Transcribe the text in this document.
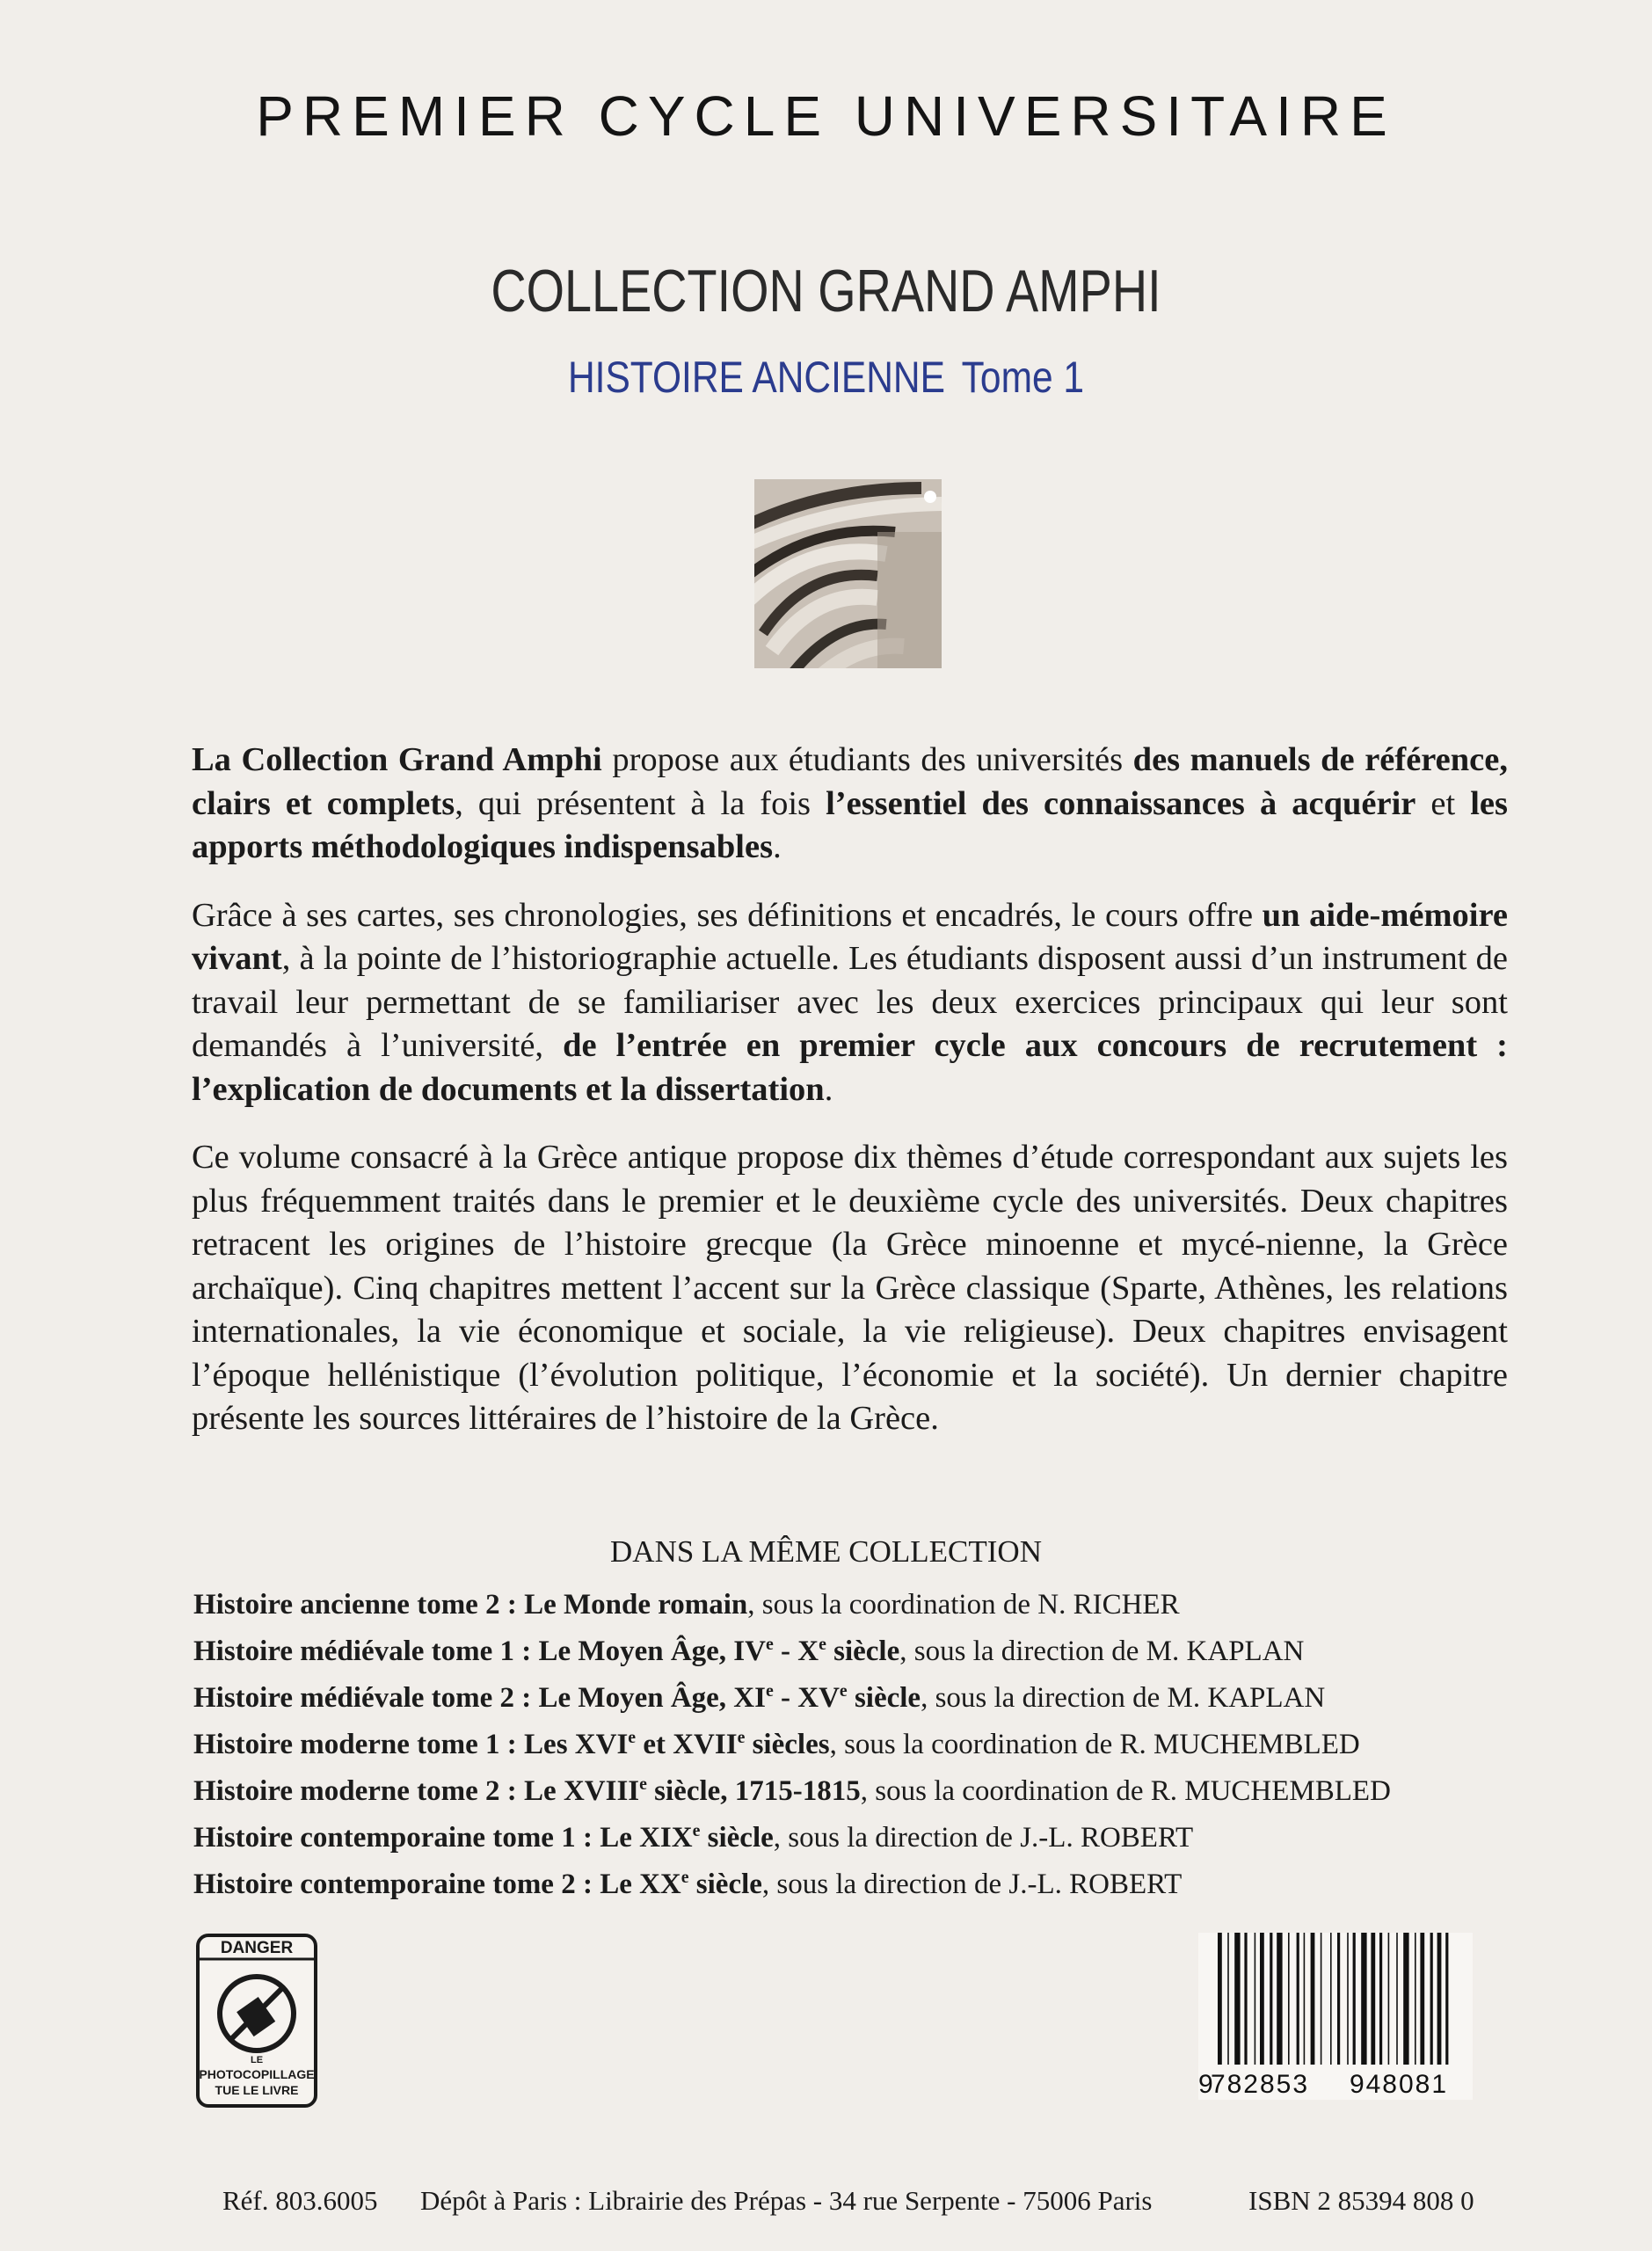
PREMIER CYCLE UNIVERSITAIRE
COLLECTION GRAND AMPHI
HISTOIRE ANCIENNE Tome 1

La Collection Grand Amphi propose aux étudiants des universités des manuels de référence, clairs et complets, qui présentent à la fois l’essentiel des connaissances à acquérir et les apports méthodologiques indispensables.

Grâce à ses cartes, ses chronologies, ses définitions et encadrés, le cours offre un aide-mémoire vivant, à la pointe de l’historiographie actuelle. Les étudiants disposent aussi d’un instrument de travail leur permettant de se familiariser avec les deux exercices principaux qui leur sont demandés à l’université, de l’entrée en premier cycle aux concours de recrutement : l’explication de documents et la dissertation.

Ce volume consacré à la Grèce antique propose dix thèmes d’étude correspondant aux sujets les plus fréquemment traités dans le premier et le deuxième cycle des universités. Deux chapitres retracent les origines de l’histoire grecque (la Grèce minoenne et mycé-nienne, la Grèce archaïque). Cinq chapitres mettent l’accent sur la Grèce classique (Sparte, Athènes, les relations internationales, la vie économique et sociale, la vie religieuse). Deux chapitres envisagent l’époque hellénistique (l’évolution politique, l’économie et la société). Un dernier chapitre présente les sources littéraires de l’histoire de la Grèce.

DANS LA MÊME COLLECTION
Histoire ancienne tome 2 : Le Monde romain, sous la coordination de N. RICHER
Histoire médiévale tome 1 : Le Moyen Âge, IVe - Xe siècle, sous la direction de M. KAPLAN
Histoire médiévale tome 2 : Le Moyen Âge, XIe - XVe siècle, sous la direction de M. KAPLAN
Histoire moderne tome 1 : Les XVIe et XVIIe siècles, sous la coordination de R. MUCHEMBLED
Histoire moderne tome 2 : Le XVIIIe siècle, 1715-1815, sous la coordination de R. MUCHEMBLED
Histoire contemporaine tome 1 : Le XIXe siècle, sous la direction de J.-L. ROBERT
Histoire contemporaine tome 2 : Le XXe siècle, sous la direction de J.-L. ROBERT
DANGER
LE
PHOTOCOPILLAGE
TUE LE LIVRE	9
782853 948081
Réf. 803.6005 Dépôt à Paris : Librairie des Prépas - 34 rue Serpente - 75006 Paris	ISBN 2 85394 808 0
